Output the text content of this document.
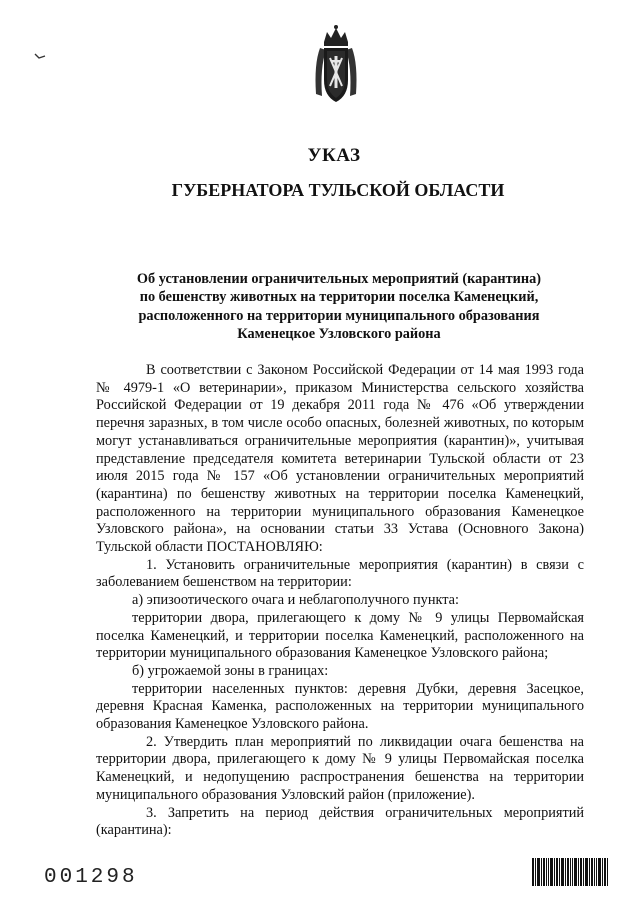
УКАЗ
ГУБЕРНАТОРА ТУЛЬСКОЙ ОБЛАСТИ
Об установлении ограничительных мероприятий (карантина)
по бешенству животных на территории поселка Каменецкий,
расположенного на территории муниципального образования
Каменецкое Узловского района

В соответствии с Законом Российской Федерации от 14 мая 1993 года № 4979-1 «О ветеринарии», приказом Министерства сельского хозяйства Российской Федерации от 19 декабря 2011 года № 476 «Об утверждении перечня заразных, в том числе особо опасных, болезней животных, по которым могут устанавливаться ограничительные мероприятия (карантин)», учитывая представление председателя комитета ветеринарии Тульской области от 23 июля 2015 года № 157 «Об установлении ограничительных мероприятий (карантина) по бешенству животных на территории поселка Каменецкий, расположенного на территории муниципального образования Каменецкое Узловского района», на основании статьи 33 Устава (Основного Закона) Тульской области ПОСТАНОВЛЯЮ:

1. Установить ограничительные мероприятия (карантин) в связи с заболеванием бешенством на территории:

а) эпизоотического очага и неблагополучного пункта:

территории двора, прилегающего к дому № 9 улицы Первомайская поселка Каменецкий, и территории поселка Каменецкий, расположенного на территории муниципального образования Каменецкое Узловского района;

б) угрожаемой зоны в границах:

территории населенных пунктов: деревня Дубки, деревня Засецкое, деревня Красная Каменка, расположенных на территории муниципального образования Каменецкое Узловского района.

2. Утвердить план мероприятий по ликвидации очага бешенства на территории двора, прилегающего к дому № 9 улицы Первомайская поселка Каменецкий, и недопущению распространения бешенства на территории муниципального образования Узловский район (приложение).

3. Запретить на период действия ограничительных мероприятий (карантина):

001298
